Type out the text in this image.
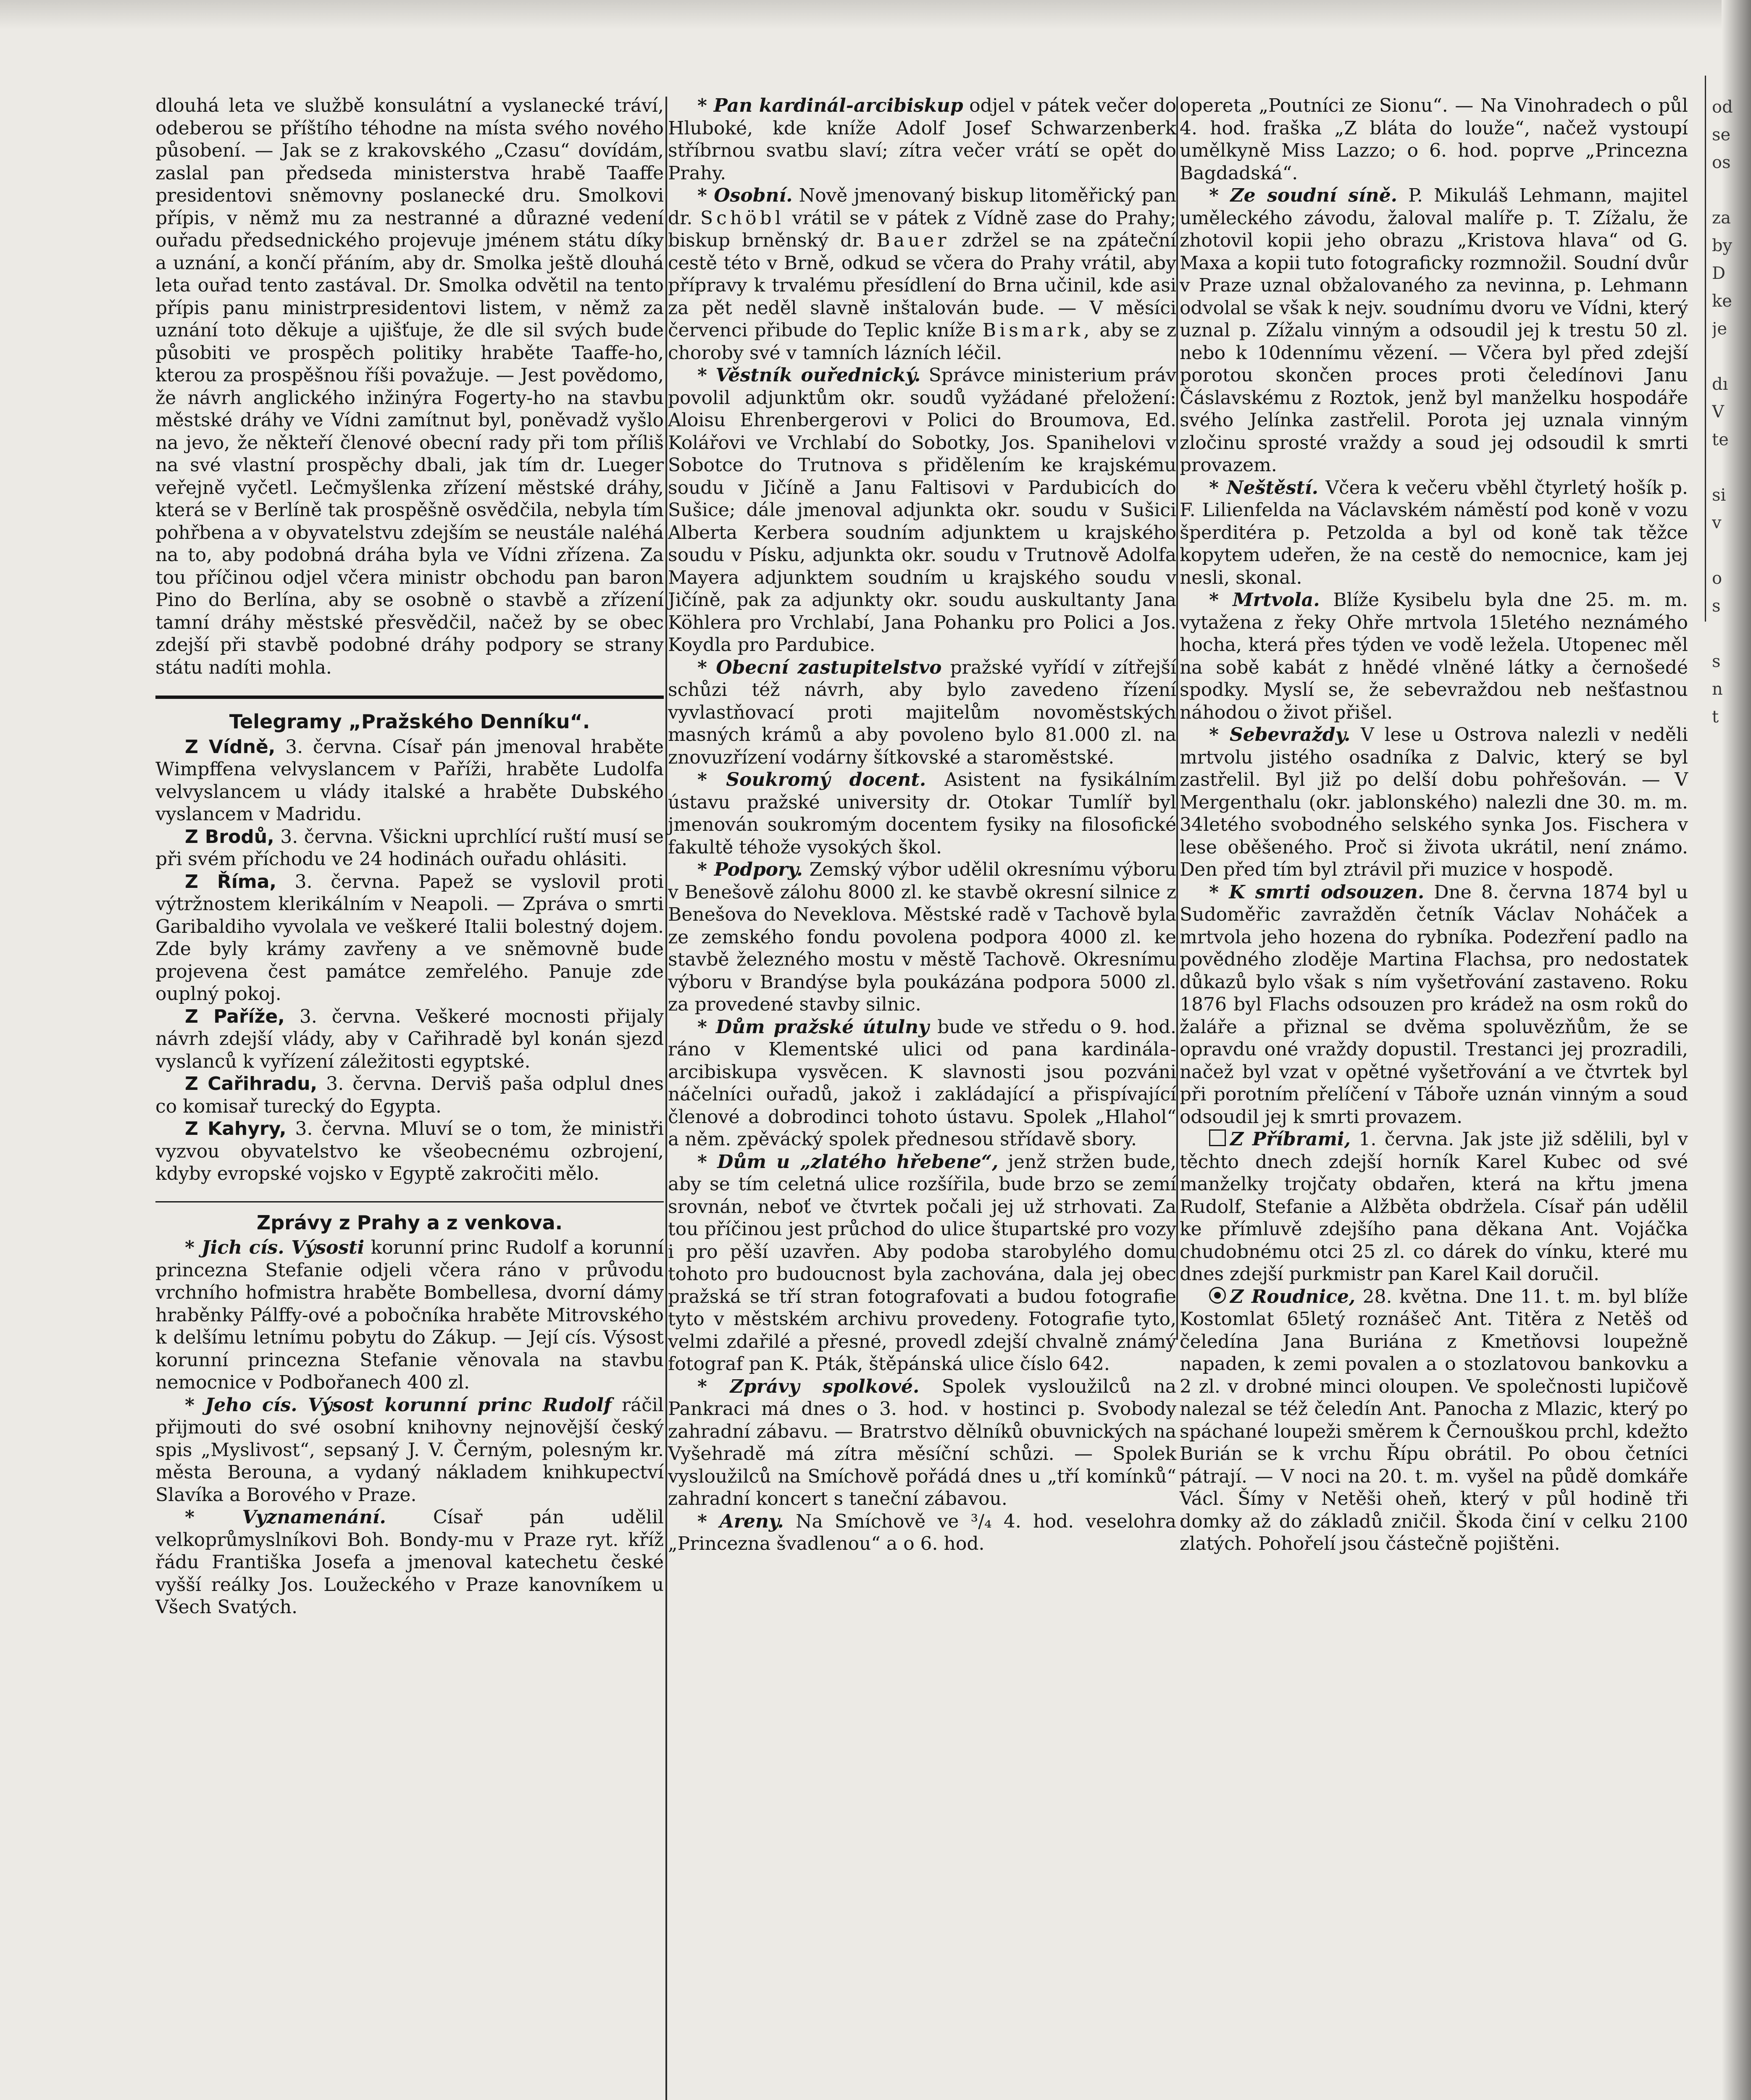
dlouhá leta ve službě konsulátní a vyslanecké tráví, odeberou se příštího téhodne na místa svého nového působení. — Jak se z krakovského „Czasu“ dovídám, zaslal pan předseda ministerstva hrabě Taaffe presidentovi sněmovny poslanecké dru. Smolkovi přípis, v němž mu za nestranné a důrazné vedení ouřadu předsednického projevuje jménem státu díky a uznání, a končí přáním, aby dr. Smolka ještě dlouhá leta ouřad tento zastával. Dr. Smolka odvětil na tento přípis panu ministrpresidentovi listem, v němž za uznání toto děkuje a ujišťuje, že dle sil svých bude působiti ve prospěch politiky hraběte Taaffe-ho, kterou za prospěšnou říši považuje. — Jest povědomo, že návrh anglického inžinýra Fogerty-ho na stavbu městské dráhy ve Vídni zamítnut byl, poněvadž vyšlo na jevo, že někteří členové obecní rady při tom příliš na své vlastní prospěchy dbali, jak tím dr. Lueger veřejně vyčetl. Lečmyšlenka zřízení městské dráhy, která se v Berlíně tak prospěšně osvědčila, nebyla tím pohřbena a v obyvatelstvu zdejším se neustále naléhá na to, aby podobná dráha byla ve Vídni zřízena. Za tou příčinou odjel včera ministr obchodu pan baron Pino do Berlína, aby se osobně o stavbě a zřízení tamní dráhy městské přesvědčil, načež by se obec zdejší při stavbě podobné dráhy podpory se strany státu nadíti mohla.

Telegramy „Pražského Denníku“.

Z Vídně, 3. června. Císař pán jmenoval hraběte Wimpffena velvyslancem v Paříži, hraběte Ludolfa velvyslancem u vlády italské a hraběte Dubského vyslancem v Madridu.

Z Brodů, 3. června. Všickni uprchlící ruští musí se při svém příchodu ve 24 hodinách ouřadu ohlásiti.

Z Říma, 3. června. Papež se vyslovil proti výtržnostem klerikálním v Neapoli. — Zpráva o smrti Garibaldiho vyvolala ve veškeré Italii bolestný dojem. Zde byly krámy zavřeny a ve sněmovně bude projevena čest památce zemřelého. Panuje zde ouplný pokoj.

Z Paříže, 3. června. Veškeré mocnosti přijaly návrh zdejší vlády, aby v Cařihradě byl konán sjezd vyslanců k vyřízení záležitosti egyptské.

Z Cařihradu, 3. června. Derviš paša odplul dnes co komisař turecký do Egypta.

Z Kahyry, 3. června. Mluví se o tom, že ministři vyzvou obyvatelstvo ke všeobecnému ozbrojení, kdyby evropské vojsko v Egyptě zakročiti mělo.

Zprávy z Prahy a z venkova.

* Jich cís. Výsosti korunní princ Rudolf a korunní princezna Stefanie odjeli včera ráno v průvodu vrchního hofmistra hraběte Bombellesa, dvorní dámy hraběnky Pálffy-ové a pobočníka hraběte Mitrovského k delšímu letnímu pobytu do Zákup. — Její cís. Výsost korunní princezna Stefanie věnovala na stavbu nemocnice v Podbořanech 400 zl.

* Jeho cís. Výsost korunní princ Rudolf ráčil přijmouti do své osobní knihovny nejnovější český spis „Myslivost“, sepsaný J. V. Černým, polesným kr. města Berouna, a vydaný nákladem knihkupectví Slavíka a Borového v Praze.

* Vyznamenání.	Císař pán udělil velkoprůmyslníkovi Boh. Bondy-mu v Praze ryt. kříž řádu Františka Josefa a jmenoval katechetu české vyšší reálky Jos. Loužeckého v Praze kanovníkem u Všech Svatých.

* Pan kardinál-arcibiskup odjel v pátek večer do Hluboké, kde kníže Adolf Josef Schwarzenberk stříbrnou svatbu slaví; zítra večer vrátí se opět do Prahy.

* Osobní. Nově jmenovaný biskup litoměřický pan dr. Schöbl vrátil se v pátek z Vídně zase do Prahy; biskup brněnský dr. Bauer zdržel se na zpáteční cestě této v Brně, odkud se včera do Prahy vrátil, aby přípravy k trvalému přesídlení do Brna učinil, kde asi za pět neděl slavně inštalován bude. — V měsíci červenci přibude do Teplic kníže Bismark, aby se z choroby své v tamních lázních léčil.

* Věstník ouřednický. Správce ministerium práv povolil adjunktům okr. soudů vyžádané přeložení: Aloisu Ehrenbergerovi v Polici do Broumova, Ed. Kolářovi ve Vrchlabí do Sobotky, Jos. Spanihelovi v Sobotce do Trutnova s přidělením ke krajskému soudu v Jičíně a Janu Faltisovi v Pardubicích do Sušice; dále jmenoval adjunkta okr. soudu v Sušici Alberta Kerbera soudním adjunktem u krajského soudu v Písku, adjunkta okr. soudu v Trutnově Adolfa Mayera adjunktem soudním u krajského soudu v Jičíně, pak za adjunkty okr. soudu auskultanty Jana Köhlera pro Vrchlabí, Jana Pohanku pro Polici a Jos. Koydla pro Pardubice.

* Obecní zastupitelstvo pražské vyřídí v zítřejší schůzi též návrh, aby bylo zavedeno řízení vyvlastňovací proti majitelům novoměstských masných krámů a aby povoleno bylo 81.000 zl. na znovuzřízení vodárny šítkovské a staroměstské.

* Soukromý docent. Asistent na fysikálním ústavu pražské university dr. Otokar Tumlíř byl jmenován soukromým docentem fysiky na filosofické fakultě téhože vysokých škol.

* Podpory. Zemský výbor udělil okresnímu výboru v Benešově zálohu 8000 zl. ke stavbě okresní silnice z Benešova do Neveklova. Městské radě v Tachově byla ze zemského fondu povolena podpora 4000 zl. ke stavbě železného mostu v městě Tachově. Okresnímu výboru v Brandýse byla poukázána podpora 5000 zl. za provedené stavby silnic.

* Dům pražské útulny bude ve středu o 9. hod. ráno v Klementské ulici od pana kardinála-arcibiskupa vysvěcen. K slavnosti jsou pozváni náčelníci ouřadů, jakož i zakládající a přispívající členové a dobrodinci tohoto ústavu. Spolek „Hlahol“ a něm. zpěvácký spolek přednesou střídavě sbory.

* Dům u „zlatého hřebene“, jenž stržen bude, aby se tím celetná ulice rozšířila, bude brzo se zemí srovnán, neboť ve čtvrtek počali jej už strhovati. Za tou příčinou jest průchod do ulice štupartské pro vozy i pro pěší uzavřen. Aby podoba starobylého domu tohoto pro budoucnost byla zachována, dala jej obec pražská se tří stran fotografovati a budou fotografie tyto v městském archivu provedeny. Fotografie tyto, velmi zdařilé a přesné, provedl zdejší chvalně známý fotograf pan K. Pták, štěpánská ulice číslo 642.

* Zprávy spolkové. Spolek vysloužilců na Pankraci má dnes o 3. hod. v hostinci p. Svobody zahradní zábavu. — Bratrstvo dělníků obuvnických na Vyšehradě má zítra měsíční schůzi. — Spolek vysloužilců na Smíchově pořádá dnes u „tří komínků“ zahradní koncert s taneční zábavou.

* Areny. Na Smíchově ve ³/₄ 4. hod. veselohra „Princezna švadlenou“ a o 6. hod.

opereta „Poutníci ze Sionu“. — Na Vinohradech o půl 4. hod. fraška „Z bláta do louže“, načež vystoupí umělkyně Miss Lazzo; o 6. hod. poprve „Princezna Bagdadská“.

* Ze soudní síně. P. Mikuláš Lehmann, majitel uměleckého závodu, žaloval malíře p. T. Zížalu, že zhotovil kopii jeho obrazu „Kristova hlava“ od G. Maxa a kopii tuto fotograficky rozmnožil. Soudní dvůr v Praze uznal obžalovaného za nevinna, p. Lehmann odvolal se však k nejv. soudnímu dvoru ve Vídni, který uznal p. Zížalu vinným a odsoudil jej k trestu 50 zl. nebo k 10dennímu vězení. — Včera byl před zdejší porotou skončen proces proti čeledínovi Janu Čáslavskému z Roztok, jenž byl manželku hospodáře svého Jelínka zastřelil. Porota jej uznala vinným zločinu sprosté vraždy a soud jej odsoudil k smrti provazem.

* Neštěstí. Včera k večeru vběhl čtyrletý hošík p. F. Lilienfelda na Václavském náměstí pod koně v vozu šperditéra p. Petzolda a byl od koně tak těžce kopytem udeřen, že na cestě do nemocnice, kam jej nesli, skonal.

* Mrtvola. Blíže Kysibelu byla dne 25. m. m. vytažena z řeky Ohře mrtvola 15letého neznámého hocha, která přes týden ve vodě ležela. Utopenec měl na sobě kabát z hnědé vlněné látky a černošedé spodky. Myslí se, že sebevraždou neb nešťastnou náhodou o život přišel.

* Sebevraždy. V lese u Ostrova nalezli v neděli mrtvolu jistého osadníka z Dalvic, který se byl zastřelil. Byl již po delší dobu pohřešován. — V Mergenthalu (okr. jablonského) nalezli dne 30. m. m. 34letého svobodného selského synka Jos. Fischera v lese oběšeného. Proč si života ukrátil, není známo. Den před tím byl ztrávil při muzice v hospodě.

* K smrti odsouzen. Dne 8. června 1874 byl u Sudoměřic zavražděn četník Václav Noháček a mrtvola jeho hozena do rybníka. Podezření padlo na povědného zloděje Martina Flachsa, pro nedostatek důkazů bylo však s ním vyšetřování zastaveno. Roku 1876 byl Flachs odsouzen pro krádež na osm roků do žaláře a přiznal se dvěma spoluvězňům, že se opravdu oné vraždy dopustil. Trestanci jej prozradili, načež byl vzat v opětné vyšetřování a ve čtvrtek byl při porotním přelíčení v Táboře uznán vinným a soud odsoudil jej k smrti provazem.

Z Příbrami, 1. června. Jak jste již sdělili, byl v těchto dnech zdejší horník Karel Kubec od své manželky trojčaty obdařen, která na křtu jmena Rudolf, Stefanie a Alžběta obdržela. Císař pán udělil ke přímluvě zdejšího pana děkana Ant. Vojáčka chudobnému otci 25 zl. co dárek do vínku, které mu dnes zdejší purkmistr pan Karel Kail doručil.

Z Roudnice, 28. května. Dne 11. t. m. byl blíže Kostomlat 65letý roznášeč Ant. Titěra z Netěš od čeledína Jana Buriána z Kmetňovsi loupežně napaden, k zemi povalen a o stozlatovou bankovku a 2 zl. v drobné minci oloupen. Ve společnosti lupičově nalezal se též čeledín Ant. Panocha z Mlazic, který po spáchané loupeži směrem k Černouškou prchl, kdežto Burián se k vrchu Řípu obrátil. Po obou četníci pátrají. — V noci na 20. t. m. vyšel na půdě domkáře Václ. Šímy v Netěši oheň, který v půl hodině tři domky až do základů zničil. Škoda činí v celku 2100 zlatých. Pohořelí jsou částečně pojištěni.

od
se
os
za
by
D
ke
je
dı
V
te
si
v
o
s
s
n
t
